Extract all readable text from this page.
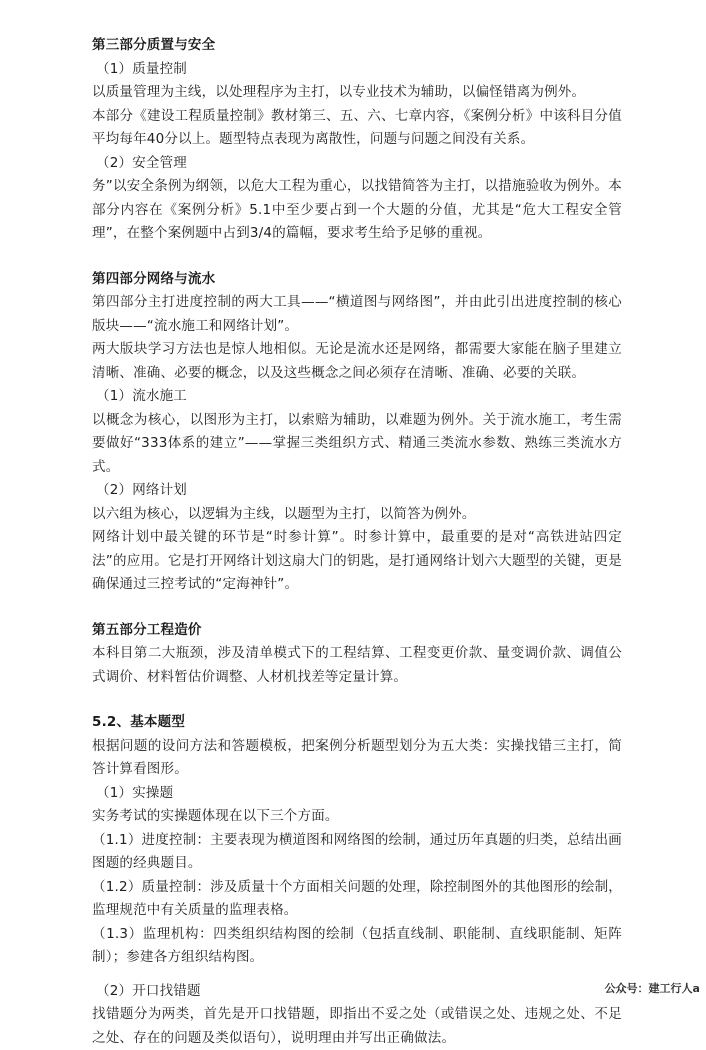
第三部分质置与安全

（1）质量控制

以质量管理为主线，以处理程序为主打，以专业技术为辅助，以偏怪错离为例外。

本部分《建设工程质量控制》教材第三、五、六、七章内容，《案例分析》中该科目分值平均每年40分以上。题型特点表现为离散性，问题与问题之间没有关系。

（2）安全管理

务”以安全条例为纲领，以危大工程为重心，以找错简答为主打，以措施验收为例外。本部分内容在《案例分析》5.1中至少要占到一个大题的分值，尤其是“危大工程安全管理”，在整个案例题中占到3/4的篇幅，要求考生给予足够的重视。

第四部分网络与流水

第四部分主打进度控制的两大工具——“横道图与网络图”，并由此引出进度控制的核心版块——“流水施工和网络计划”。

两大版块学习方法也是惊人地相似。无论是流水还是网络，都需要大家能在脑子里建立清晰、准确、必要的概念，以及这些概念之间必须存在清晰、准确、必要的关联。

（1）流水施工

以概念为核心，以图形为主打，以索赔为辅助，以难题为例外。关于流水施工，考生需要做好“333体系的建立”——掌握三类组织方式、精通三类流水参数、熟练三类流水方式。

（2）网络计划

以六组为核心，以逻辑为主线，以题型为主打，以简答为例外。

网络计划中最关键的环节是“时参计算”。时参计算中，最重要的是对“高铁进站四定法”的应用。它是打开网络计划这扇大门的钥匙，是打通网络计划六大题型的关键，更是确保通过三控考试的“定海神针”。

第五部分工程造价

本科目第二大瓶颈，涉及清单模式下的工程结算、工程变更价款、量变调价款、调值公式调价、材料暂估价调整、人材机找差等定量计算。

5.2、基本题型

根据问题的设问方法和答题模板，把案例分析题型划分为五大类：实操找错三主打，简答计算看图形。

（1）实操题

实务考试的实操题体现在以下三个方面。

（1.1）进度控制：主要表现为横道图和网络图的绘制，通过历年真题的归类，总结出画图题的经典题目。

（1.2）质量控制：涉及质量十个方面相关问题的处理，除控制图外的其他图形的绘制，监理规范中有关质量的监理表格。

（1.3）监理机构：四类组织结构图的绘制（包括直线制、职能制、直线职能制、矩阵制）；参建各方组织结构图。

（2）开口找错题

找错题分为两类，首先是开口找错题，即指出不妥之处（或错误之处、违规之处、不足之处、存在的问题及类似语句），说明理由并写出正确做法。

公众号：建工行人a
